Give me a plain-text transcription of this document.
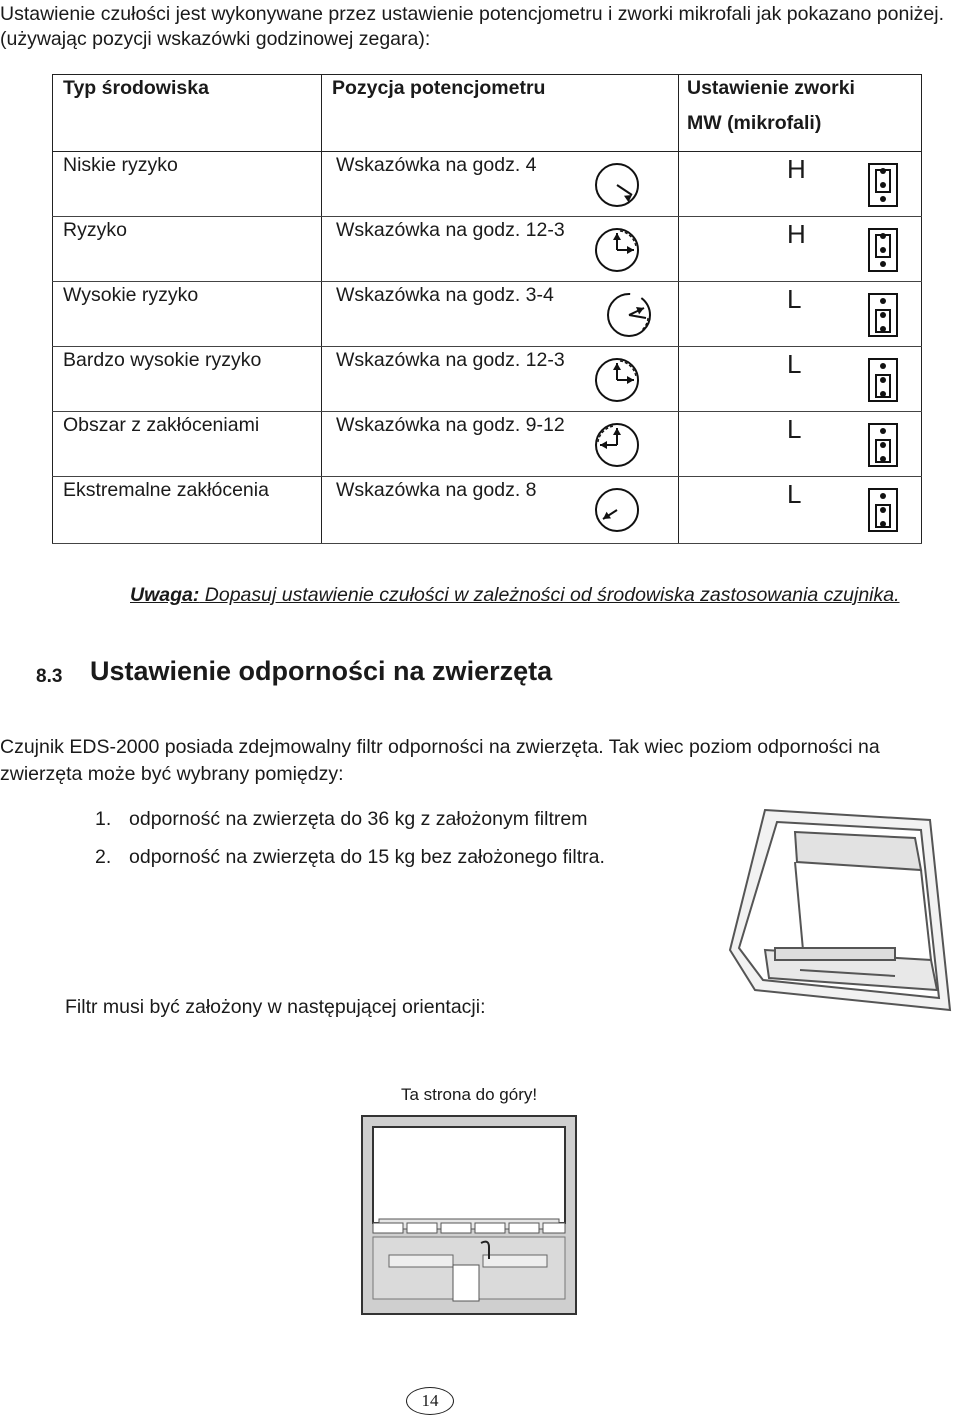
Ustawienie czułości jest wykonywane przez ustawienie potencjometru i zworki mikrofali jak pokazano poniżej. (używając pozycji wskazówki godzinowej zegara):
Typ środowiska	Pozycja potencjometru	Ustawienie zworki
MW (mikrofali)

Niskie ryzyko	Wskazówka na godz. 4	H

Ryzyko	Wskazówka na godz. 12-3	H

Wysokie ryzyko	Wskazówka na godz. 3-4	L

Bardzo wysokie ryzyko	Wskazówka na godz. 12-3	L

Obszar z zakłóceniami	Wskazówka na godz. 9-12	L

Ekstremalne zakłócenia	Wskazówka na godz. 8	L
Uwaga: Dopasuj ustawienie czułości w zależności od środowiska zastosowania czujnika.
8.3 Ustawienie odporności na zwierzęta
Czujnik EDS-2000 posiada zdejmowalny filtr odporności na zwierzęta. Tak wiec poziom odporności na zwierzęta może być wybrany pomiędzy:
1. odporność na zwierzęta do 36 kg z założonym filtrem
2. odporność na zwierzęta do 15 kg bez założonego filtra.
Filtr musi być założony w następującej orientacji:
Ta strona do góry!
14
